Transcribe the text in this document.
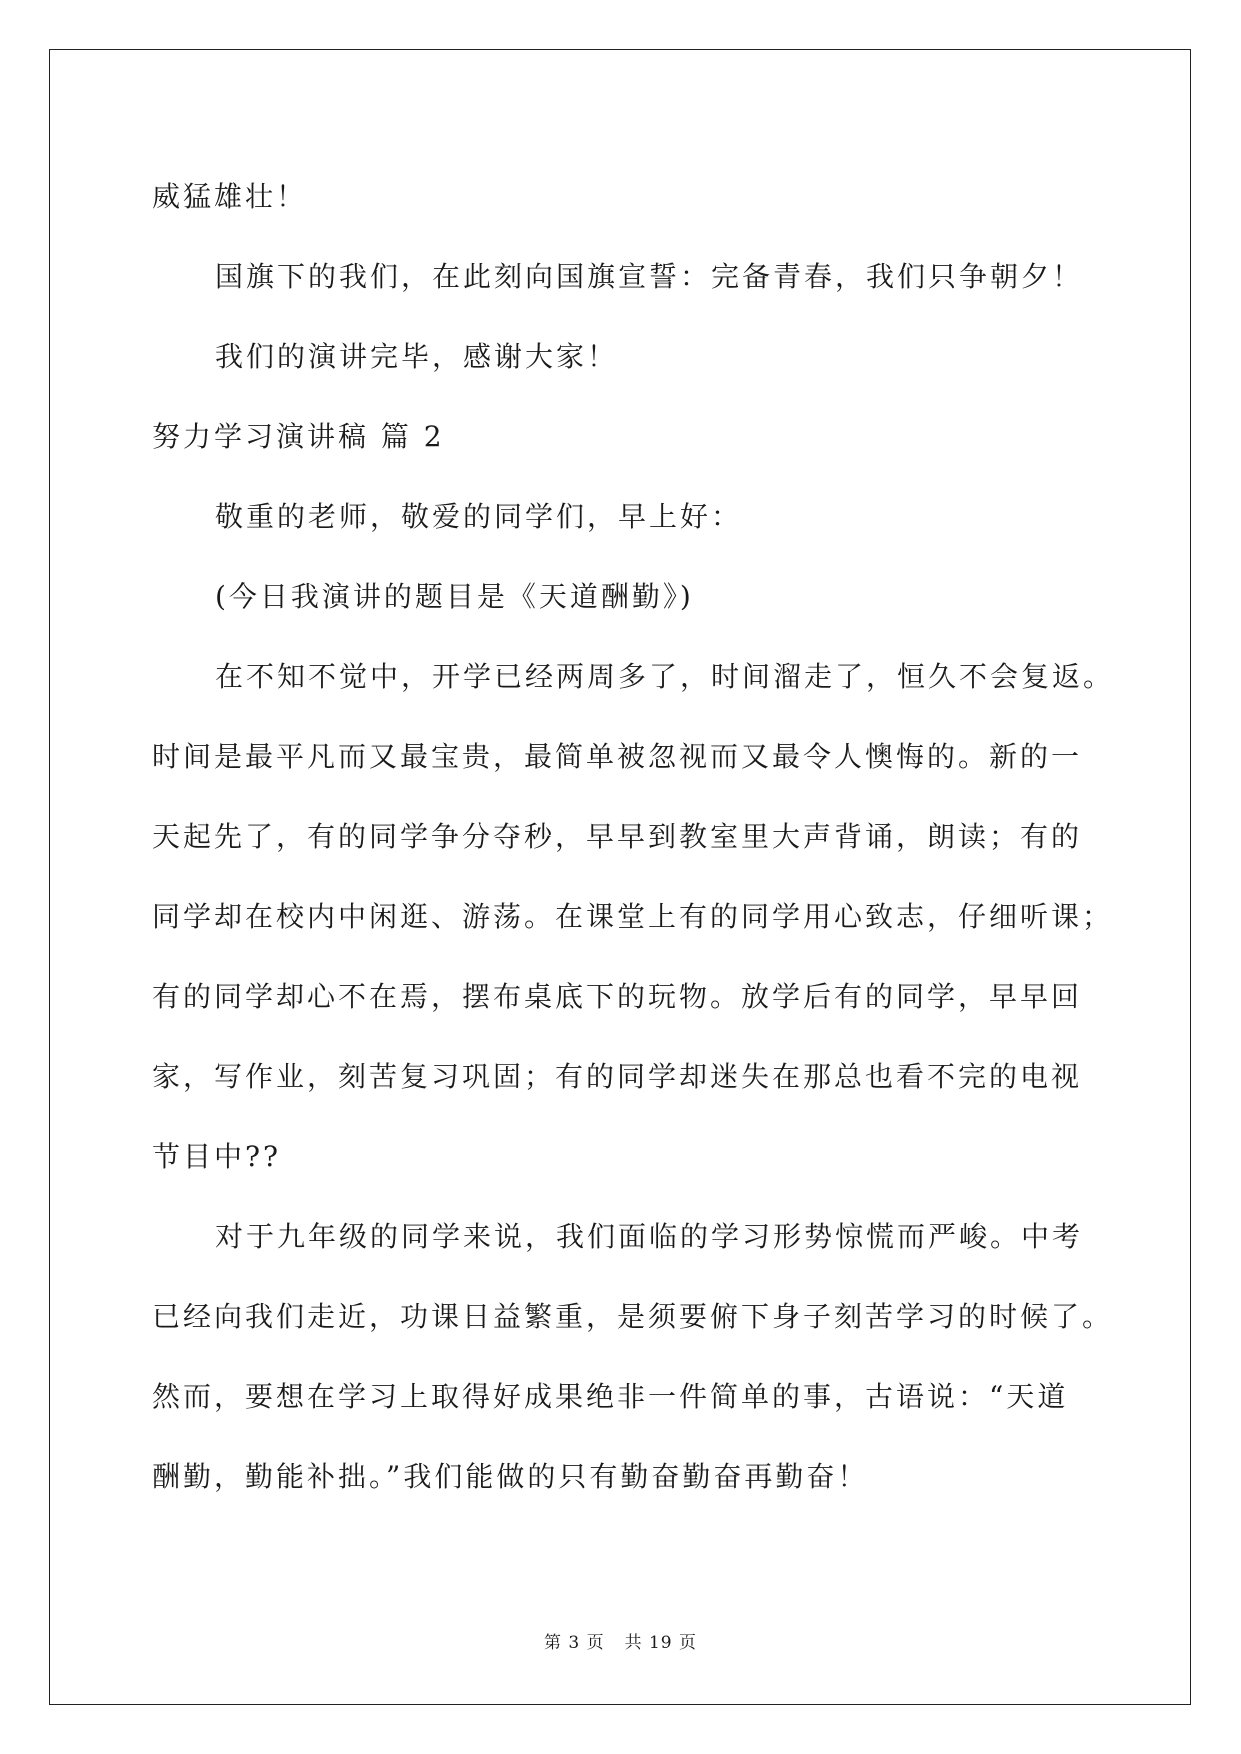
威猛雄壮！
国旗下的我们，在此刻向国旗宣誓：完备青春，我们只争朝夕！
我们的演讲完毕，感谢大家！
努力学习演讲稿 篇 2
敬重的老师，敬爱的同学们，早上好：
(今日我演讲的题目是《天道酬勤》)
在不知不觉中，开学已经两周多了，时间溜走了，恒久不会复返。
时间是最平凡而又最宝贵，最简单被忽视而又最令人懊悔的。新的一
天起先了，有的同学争分夺秒，早早到教室里大声背诵，朗读；有的
同学却在校内中闲逛、游荡。在课堂上有的同学用心致志，仔细听课；
有的同学却心不在焉，摆布桌底下的玩物。放学后有的同学，早早回
家，写作业，刻苦复习巩固；有的同学却迷失在那总也看不完的电视
节目中??
对于九年级的同学来说，我们面临的学习形势惊慌而严峻。中考
已经向我们走近，功课日益繁重，是须要俯下身子刻苦学习的时候了。
然而，要想在学习上取得好成果绝非一件简单的事，古语说：“天道
酬勤，勤能补拙。”我们能做的只有勤奋勤奋再勤奋！
第 3 页 共 19 页
